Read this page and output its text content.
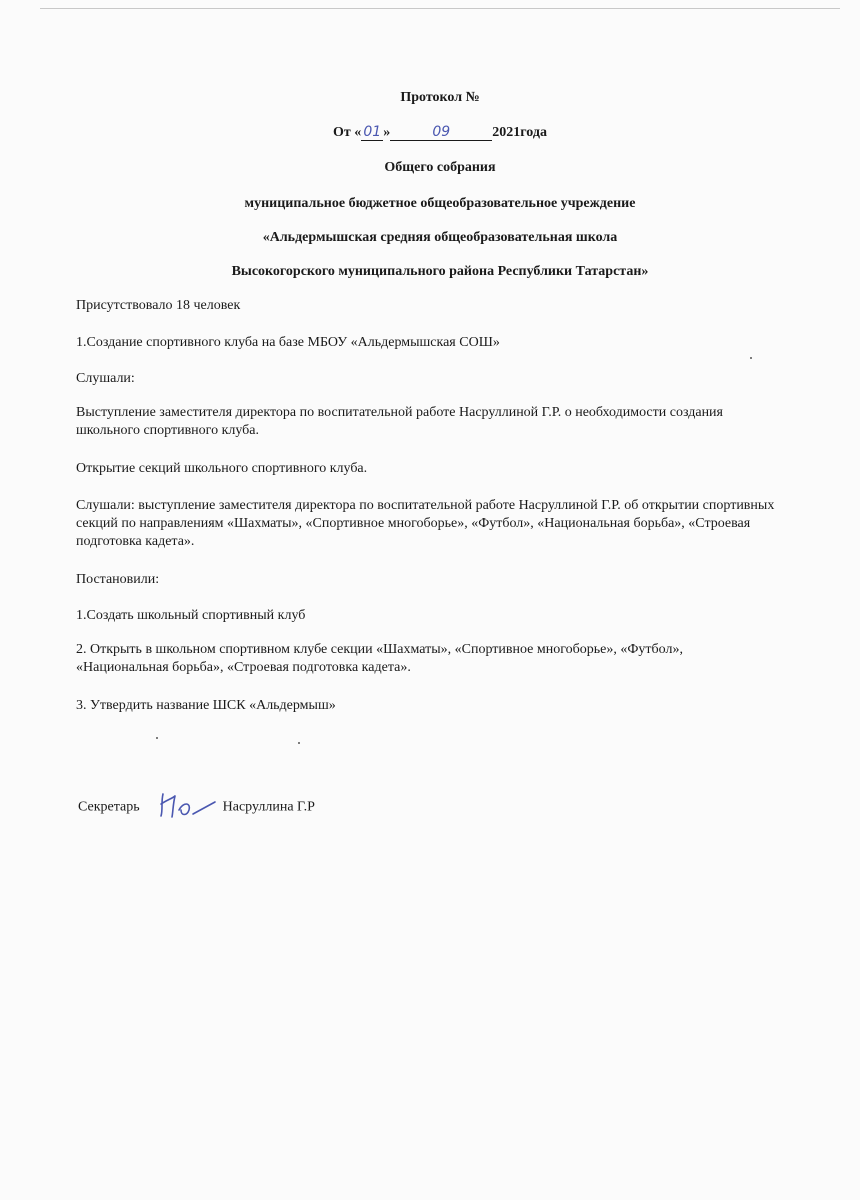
Протокол №
От « 01 »	09	2021года
Общего собрания
муниципальное бюджетное общеобразовательное учреждение
«Альдермышская средняя общеобразовательная школа
Высокогорского муниципального района Республики Татарстан»
Присутствовало 18 человек
1.Создание спортивного клуба на базе МБОУ «Альдермышская СОШ»
Слушали:
Выступление заместителя директора по воспитательной работе Насруллиной Г.Р. о необходимости создания школьного спортивного клуба.
Открытие секций школьного спортивного клуба.
Слушали: выступление заместителя директора по воспитательной работе Насруллиной Г.Р. об открытии спортивных секций по направлениям «Шахматы», «Спортивное многоборье», «Футбол», «Национальная борьба», «Строевая подготовка кадета».
Постановили:
1.Создать школьный спортивный клуб
2. Открыть в школьном спортивном клубе секции «Шахматы», «Спортивное многоборье», «Футбол», «Национальная борьба», «Строевая подготовка кадета».
3. Утвердить название ШСК «Альдермыш»
Секретарь	Насруллина Г.Р
